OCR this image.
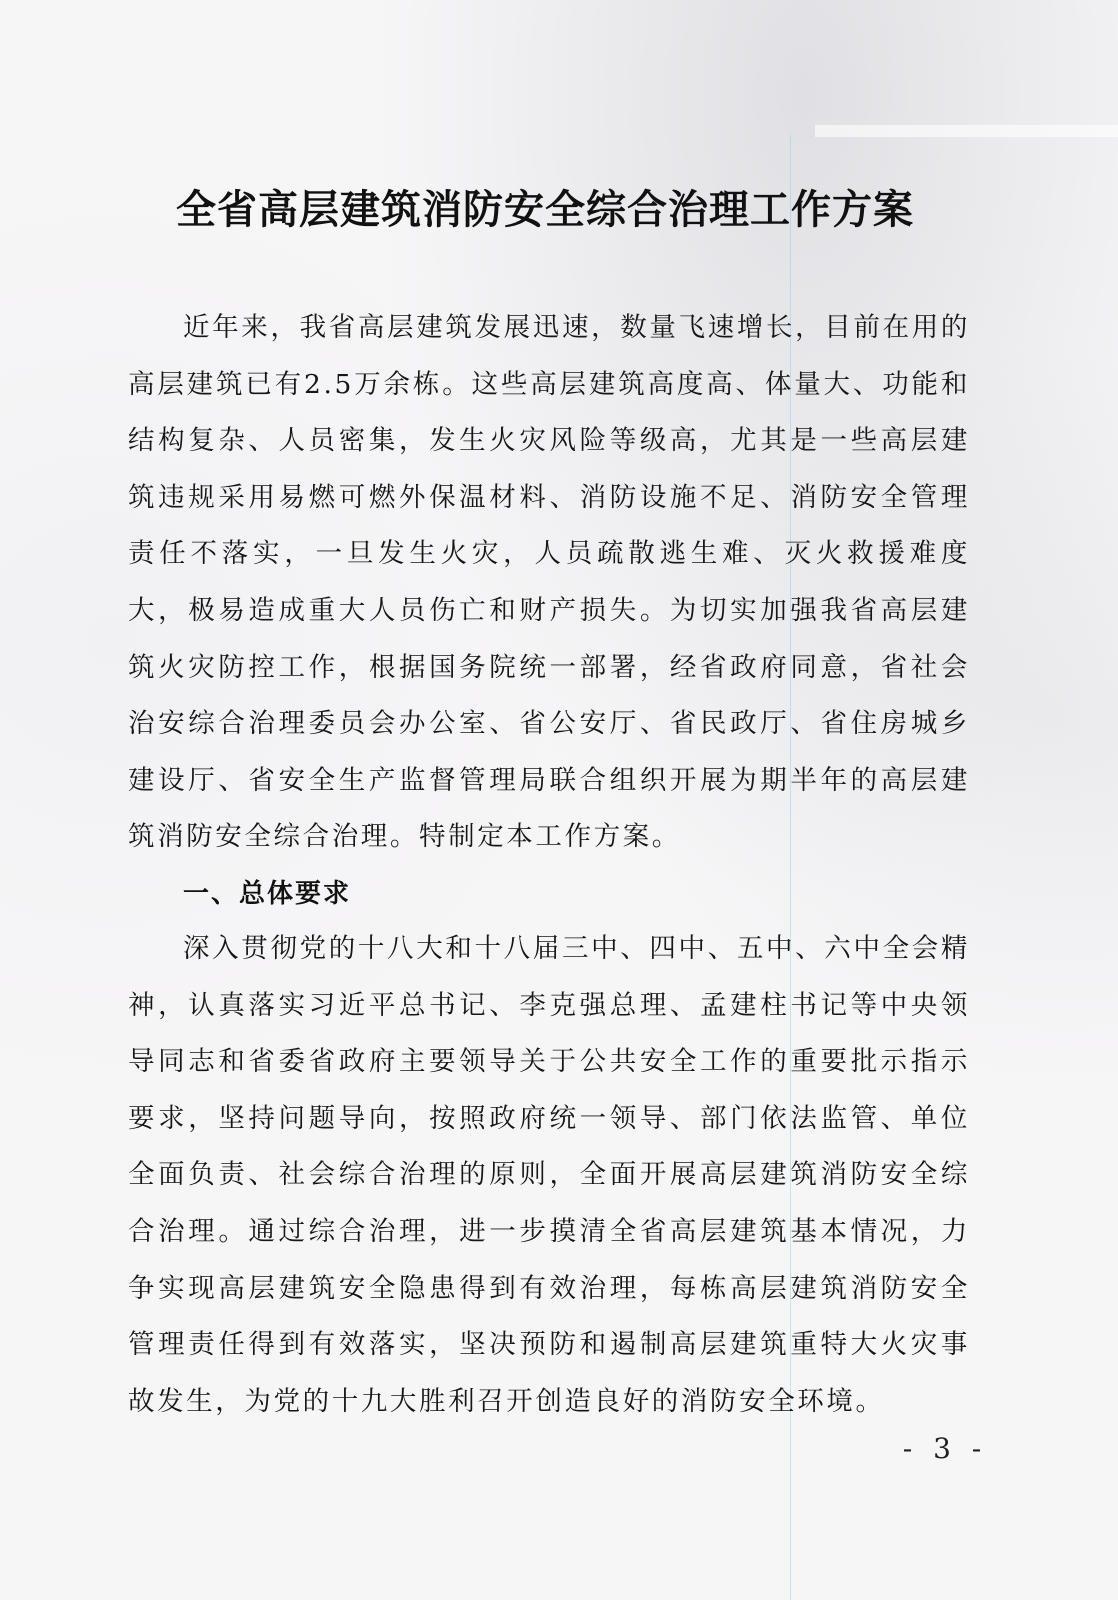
全省高层建筑消防安全综合治理工作方案
近年来，我省高层建筑发展迅速，数量飞速增长，目前在用的高层建筑已有2.5万余栋。这些高层建筑高度高、体量大、功能和结构复杂、人员密集，发生火灾风险等级高，尤其是一些高层建筑违规采用易燃可燃外保温材料、消防设施不足、消防安全管理责任不落实，一旦发生火灾，人员疏散逃生难、灭火救援难度大，极易造成重大人员伤亡和财产损失。为切实加强我省高层建筑火灾防控工作，根据国务院统一部署，经省政府同意，省社会治安综合治理委员会办公室、省公安厅、省民政厅、省住房城乡建设厅、省安全生产监督管理局联合组织开展为期半年的高层建筑消防安全综合治理。特制定本工作方案。
一、总体要求
深入贯彻党的十八大和十八届三中、四中、五中、六中全会精神，认真落实习近平总书记、李克强总理、孟建柱书记等中央领导同志和省委省政府主要领导关于公共安全工作的重要批示指示要求，坚持问题导向，按照政府统一领导、部门依法监管、单位全面负责、社会综合治理的原则，全面开展高层建筑消防安全综合治理。通过综合治理，进一步摸清全省高层建筑基本情况，力争实现高层建筑安全隐患得到有效治理，每栋高层建筑消防安全管理责任得到有效落实，坚决预防和遏制高层建筑重特大火灾事故发生，为党的十九大胜利召开创造良好的消防安全环境。
- 3 -
